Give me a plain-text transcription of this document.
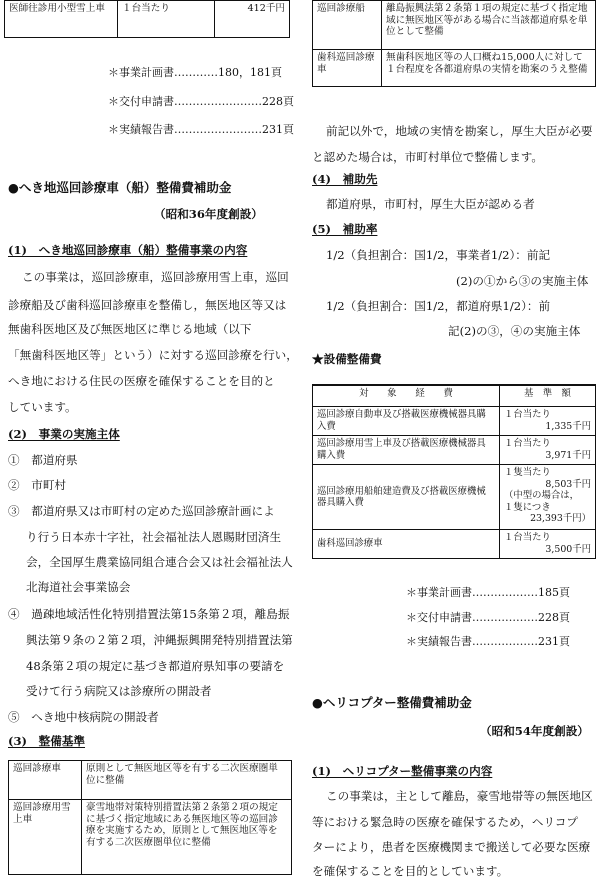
医師往診用小型雪上車	１台当たり	412千円
＊事業計画書…………180，181頁
＊交付申請書……………………228頁
＊実績報告書……………………231頁
●へき地巡回診療車（船）整備費補助金
（昭和36年度創設）
(1)　へき地巡回診療車（船）整備事業の内容
この事業は，巡回診療車，巡回診療用雪上車，巡回
診療船及び歯科巡回診療車を整備し，無医地区等又は
無歯科医地区及び無医地区に準じる地域（以下
「無歯科医地区等」という）に対する巡回診療を行い，
へき地における住民の医療を確保することを目的と
しています。
(2)　事業の実施主体
①　 都道府県
②　 市町村
③　 都道府県又は市町村の定めた巡回診療計画によ
り行う日本赤十字社，社会福祉法人恩賜財団済生
会，全国厚生農業協同組合連合会又は社会福祉法人
北海道社会事業協会
④　 過疎地域活性化特別措置法第15条第２項，離島振
興法第９条の２第２項，沖縄振興開発特別措置法第
48条第２項の規定に基づき都道府県知事の要請を
受けて行う病院又は診療所の開設者
⑤　 へき地中核病院の開設者
(3)　整備基準
巡回診療車	原則として無医地区等を有する二次医療圏単位に整備
巡回診療用雪上車	豪雪地帯対策特別措置法第２条第２項の規定に基づく指定地域にある無医地区等の巡回診療を実施するため，原則として無医地区等を有する二次医療圏単位に整備
巡回診療船	離島振興法第２条第１項の規定に基づく指定地域に無医地区等がある場合に当該都道府県を単位として整備
歯科巡回診療車	無歯科医地区等の人口概ね15,000人に対して１台程度を各都道府県の実情を勘案のうえ整備
前記以外で，地域の実情を勘案し，厚生大臣が必要
と認めた場合は，市町村単位で整備します。
(4)　補助先
都道府県，市町村，厚生大臣が認める者
(5)　補助率
1/2（負担割合：国1/2，事業者1/2）：前記
(2)の①から③の実施主体
1/2（負担割合：国1/2，都道府県1/2）：前
記(2)の③，④の実施主体
★設備整備費
対　　象　　経　　費	基　準　額
巡回診療自動車及び搭載医療機械器具購入費	１台当たり
1,335千円

巡回診療用雪上車及び搭載医療機械器具購入費	１台当たり
3,971千円

巡回診療用船舶建造費及び搭載医療機械器具購入費	１隻当たり
8,503千円
（中型の場合は，
１隻につき
23,393千円）

歯科巡回診療車	１台当たり
3,500千円
＊事業計画書………………185頁
＊交付申請書………………228頁
＊実績報告書………………231頁
●ヘリコプター整備費補助金
（昭和54年度創設）
(1)　ヘリコプター整備事業の内容
この事業は，主として離島，豪雪地帯等の無医地区
等における緊急時の医療を確保するため，ヘリコプ
ターにより，患者を医療機関まで搬送して必要な医療
を確保することを目的としています。
